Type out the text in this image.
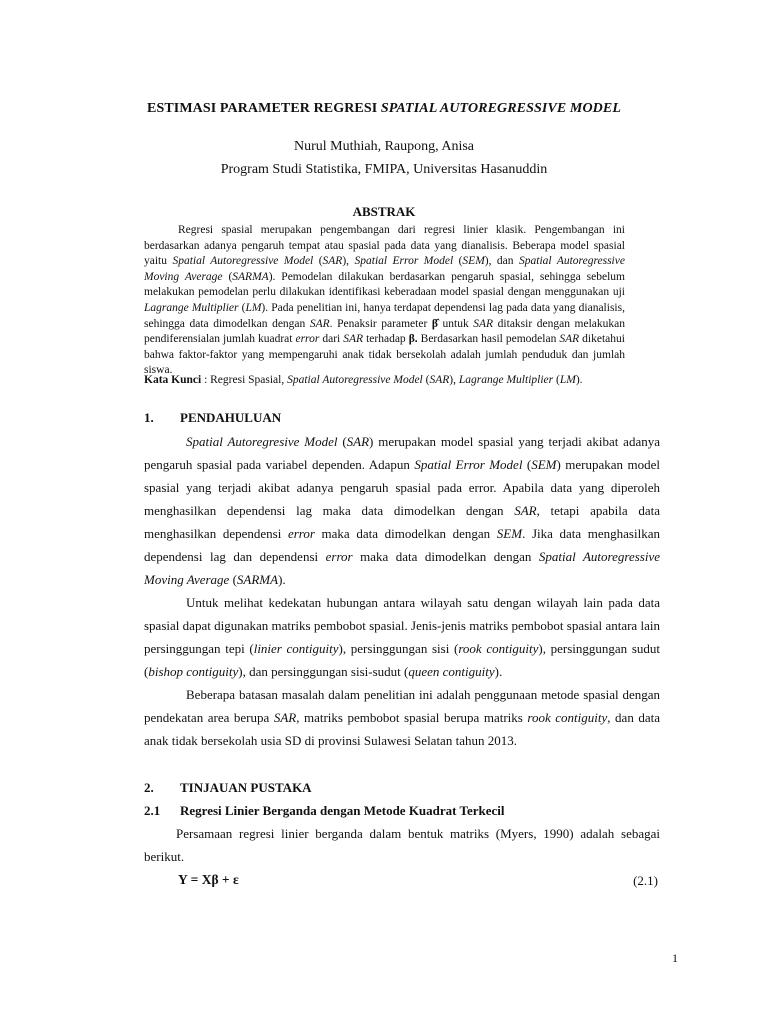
ESTIMASI PARAMETER REGRESI SPATIAL AUTOREGRESSIVE MODEL
Nurul Muthiah, Raupong, Anisa
Program Studi Statistika, FMIPA, Universitas Hasanuddin
ABSTRAK

Regresi spasial merupakan pengembangan dari regresi linier klasik. Pengembangan ini berdasarkan adanya pengaruh tempat atau spasial pada data yang dianalisis. Beberapa model spasial yaitu Spatial Autoregressive Model (SAR), Spatial Error Model (SEM), dan Spatial Autoregressive Moving Average (SARMA). Pemodelan dilakukan berdasarkan pengaruh spasial, sehingga sebelum melakukan pemodelan perlu dilakukan identifikasi keberadaan model spasial dengan menggunakan uji Lagrange Multiplier (LM). Pada penelitian ini, hanya terdapat dependensi lag pada data yang dianalisis, sehingga data dimodelkan dengan SAR. Penaksir parameter β̂ untuk SAR ditaksir dengan melakukan pendiferensialan jumlah kuadrat error dari SAR terhadap β. Berdasarkan hasil pemodelan SAR diketahui bahwa faktor-faktor yang mempengaruhi anak tidak bersekolah adalah jumlah penduduk dan jumlah siswa.

Kata Kunci : Regresi Spasial, Spatial Autoregressive Model (SAR), Lagrange Multiplier (LM).
1. PENDAHULUAN

Spatial Autoregresive Model (SAR) merupakan model spasial yang terjadi akibat adanya pengaruh spasial pada variabel dependen. Adapun Spatial Error Model (SEM) merupakan model spasial yang terjadi akibat adanya pengaruh spasial pada error. Apabila data yang diperoleh menghasilkan dependensi lag maka data dimodelkan dengan SAR, tetapi apabila data menghasilkan dependensi error maka data dimodelkan dengan SEM. Jika data menghasilkan dependensi lag dan dependensi error maka data dimodelkan dengan Spatial Autoregressive Moving Average (SARMA).

Untuk melihat kedekatan hubungan antara wilayah satu dengan wilayah lain pada data spasial dapat digunakan matriks pembobot spasial. Jenis-jenis matriks pembobot spasial antara lain persinggungan tepi (linier contiguity), persinggungan sisi (rook contiguity), persinggungan sudut (bishop contiguity), dan persinggungan sisi-sudut (queen contiguity).

Beberapa batasan masalah dalam penelitian ini adalah penggunaan metode spasial dengan pendekatan area berupa SAR, matriks pembobot spasial berupa matriks rook contiguity, dan data anak tidak bersekolah usia SD di provinsi Sulawesi Selatan tahun 2013.

2. TINJAUAN PUSTAKA
2.1 Regresi Linier Berganda dengan Metode Kuadrat Terkecil

Persamaan regresi linier berganda dalam bentuk matriks (Myers, 1990) adalah sebagai berikut.

Y = Xβ + ε	(2.1)
1
